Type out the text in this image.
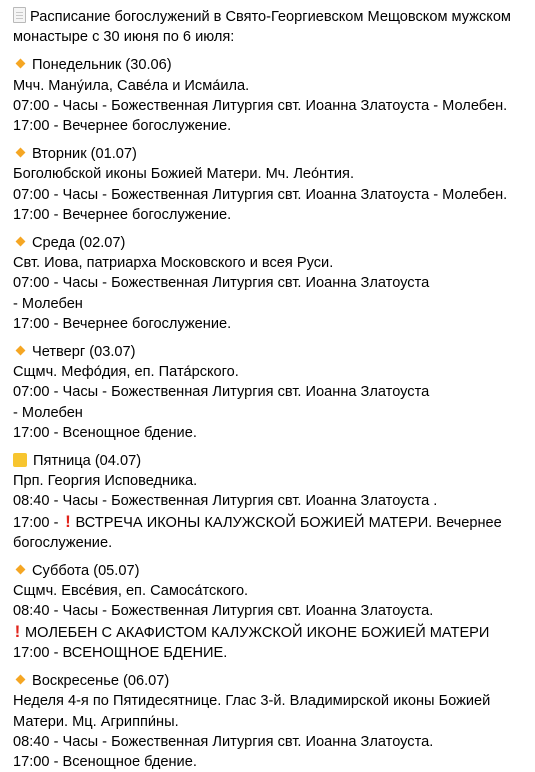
Расписание богослужений в Свято-Георгиевском Мещовском мужском
монастыре с 30 июня по 6 июля:
Понедельник (30.06)
Мчч. Ману́ила, Саве́ла и Исма́ила.
07:00 - Часы - Божественная Литургия свт. Иоанна Златоуста - Молебен.
17:00 - Вечернее богослужение.
Вторник (01.07)
Боголюбской иконы Божией Матери. Мч. Лео́нтия.
07:00 - Часы - Божественная Литургия свт. Иоанна Златоуста - Молебен.
17:00 - Вечернее богослужение.
Среда (02.07)
Свт. Иова, патриарха Московского и всея Руси.
07:00 - Часы - Божественная Литургия свт. Иоанна Златоуста
- Молебен
17:00 - Вечернее богослужение.
Четверг (03.07)
Сщмч. Мефо́дия, еп. Пата́рского.
07:00 - Часы - Божественная Литургия свт. Иоанна Златоуста
- Молебен
17:00 - Всенощное бдение.
Пятница (04.07)
Прп. Георгия Исповедника.
08:40 - Часы - Божественная Литургия свт. Иоанна Златоуста .
17:00 - ! ВСТРЕЧА ИКОНЫ КАЛУЖСКОЙ БОЖИЕЙ МАТЕРИ. Вечернее
богослужение.
Суббота (05.07)
Сщмч. Евсе́вия, еп. Самоса́тского.
08:40 - Часы - Божественная Литургия свт. Иоанна Златоуста.
! МОЛЕБЕН С АКАФИСТОМ КАЛУЖСКОЙ ИКОНЕ БОЖИЕЙ МАТЕРИ
17:00 - ВСЕНОЩНОЕ БДЕНИЕ.
Воскресенье (06.07)
Неделя 4-я по Пятидесятнице. Глас 3-й. Владимирской иконы Божией
Матери. Мц. Агриппи́ны.
08:40 - Часы - Божественная Литургия свт. Иоанна Златоуста.
17:00 - Всенощное бдение.
